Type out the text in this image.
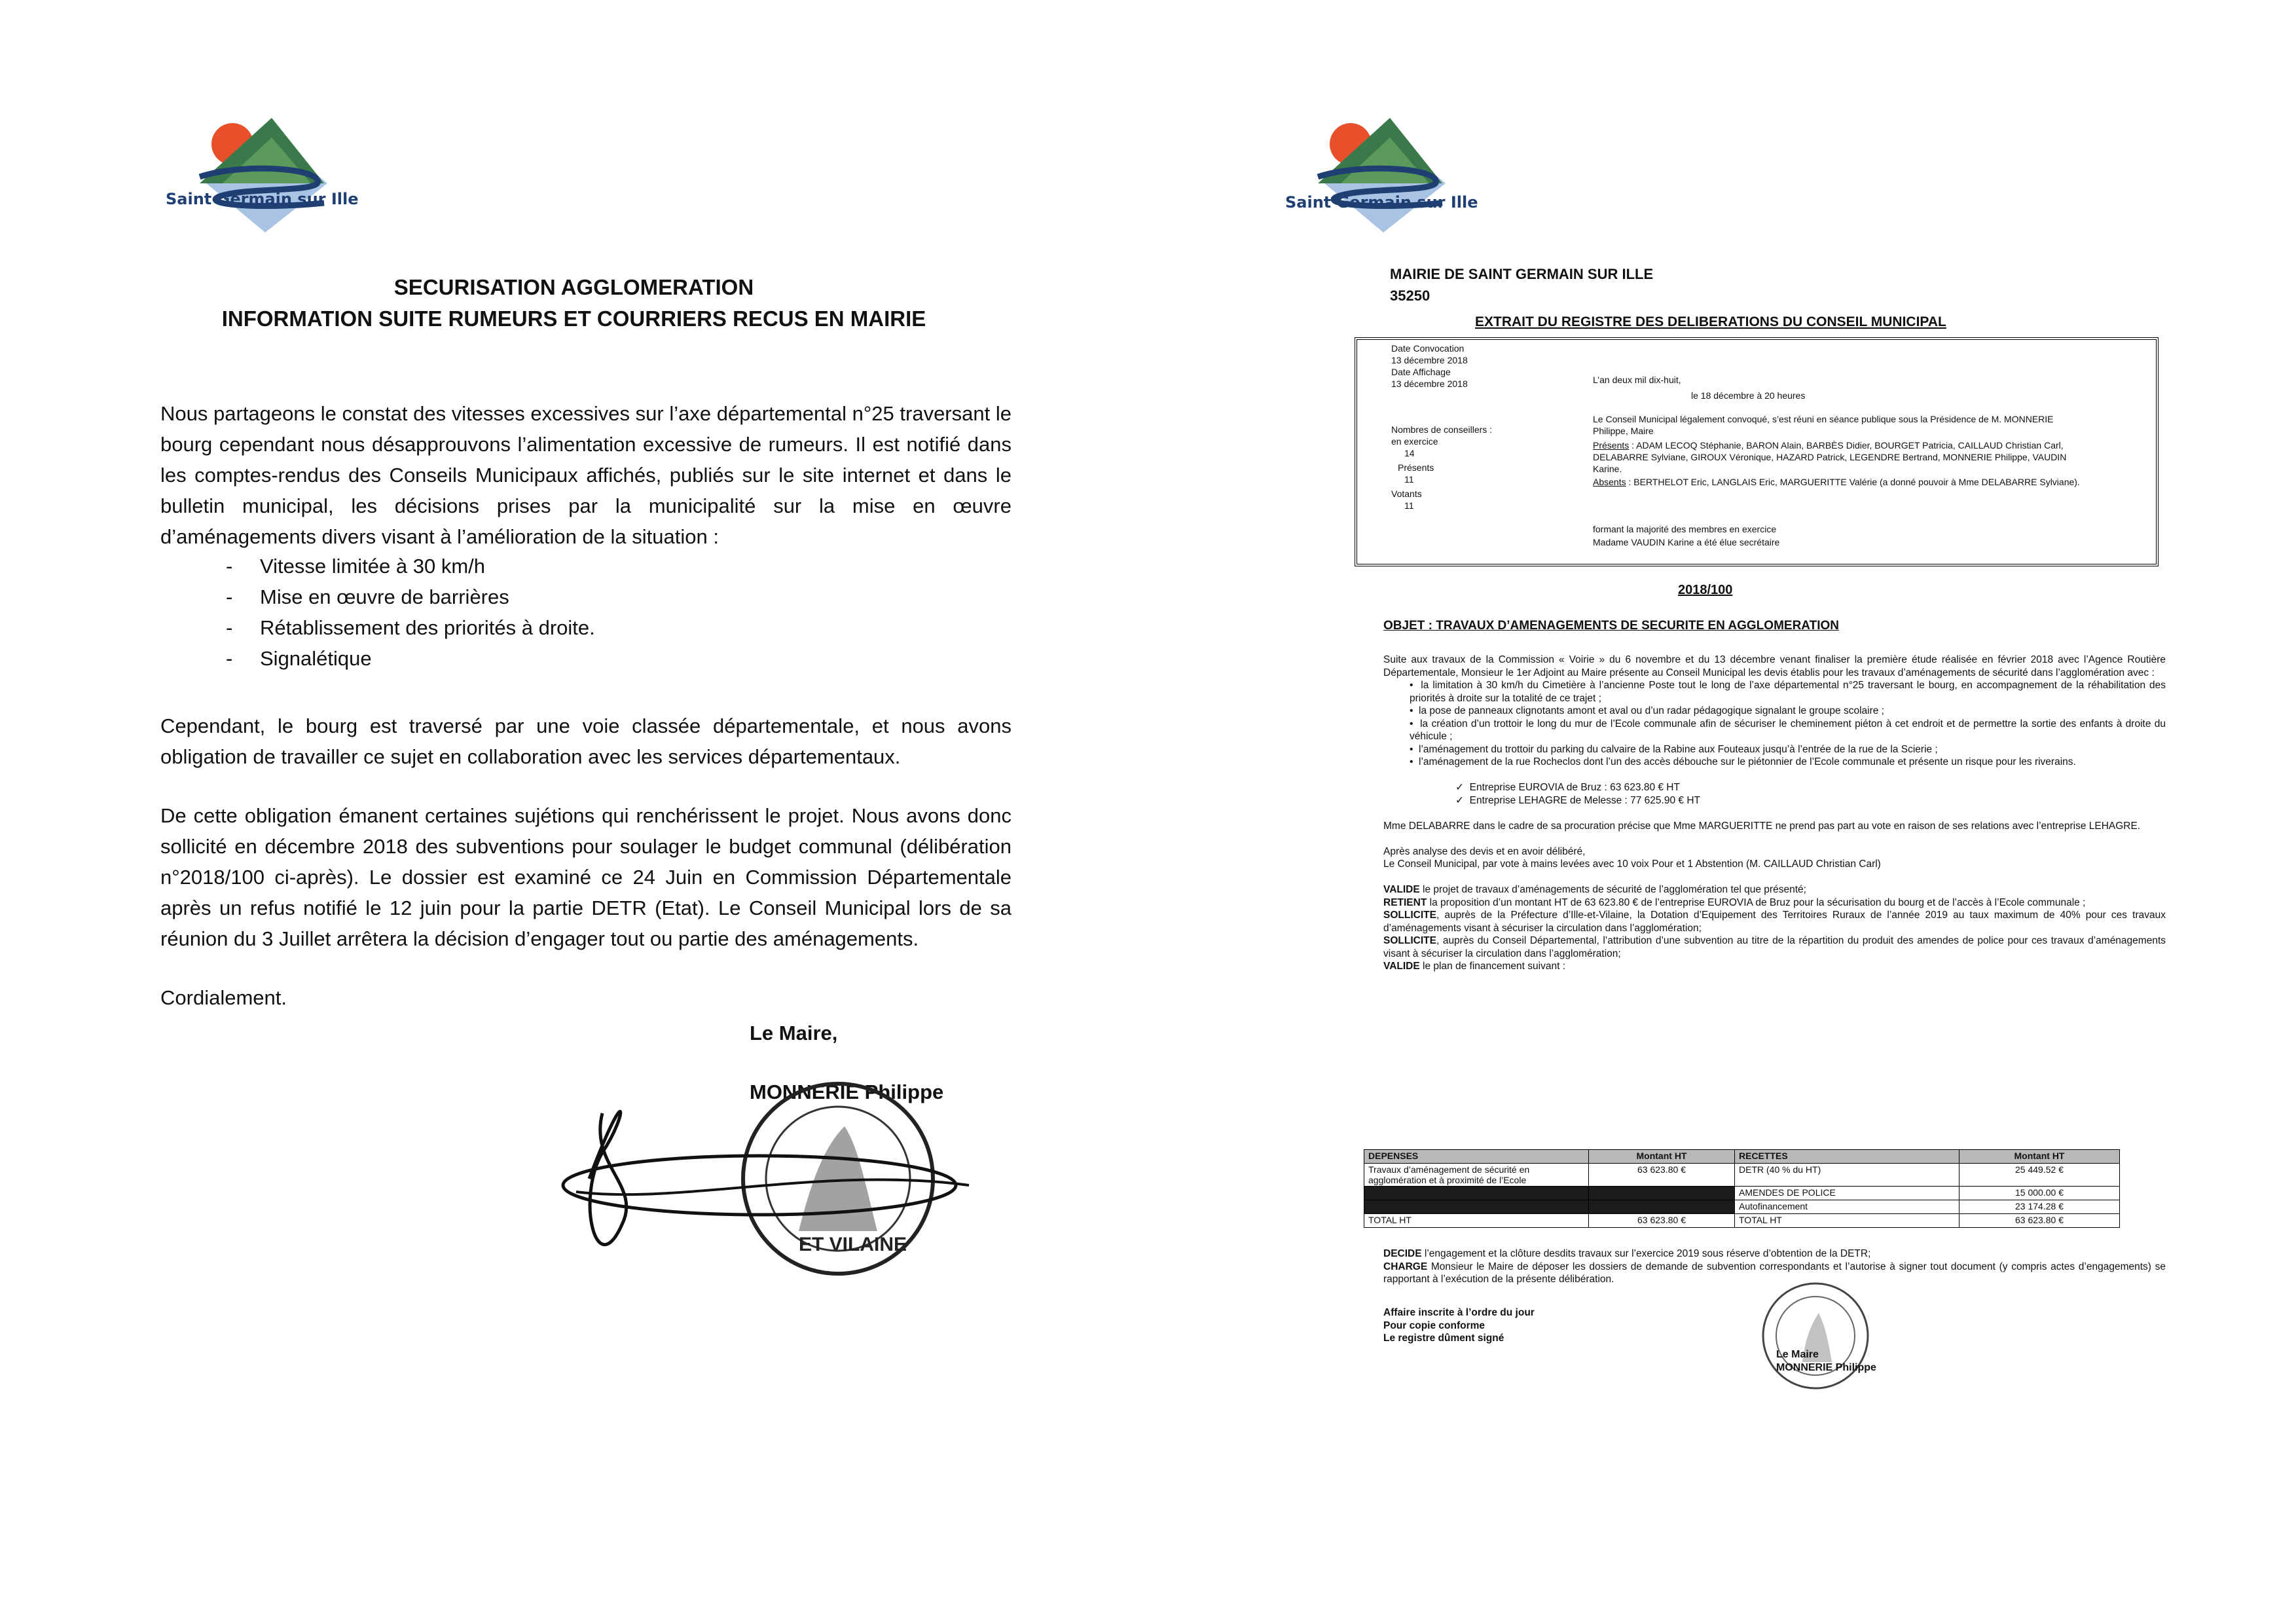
Saint Germain sur Ille
SECURISATION AGGLOMERATION
INFORMATION SUITE RUMEURS ET COURRIERS RECUS EN MAIRIE

Nous partageons le constat des vitesses excessives sur l’axe départemental n°25 traversant le bourg cependant nous désapprouvons l’alimentation excessive de rumeurs. Il est notifié dans les comptes-rendus des Conseils Municipaux affichés, publiés sur le site internet et dans le bulletin municipal, les décisions prises par la municipalité sur la mise en œuvre d’aménagements divers visant à l’amélioration de la situation :

- Vitesse limitée à 30 km/h
- Mise en œuvre de barrières
- Rétablissement des priorités à droite.
- Signalétique

Cependant, le bourg est traversé par une voie classée départementale, et nous avons obligation de travailler ce sujet en collaboration avec les services départementaux.

De cette obligation émanent certaines sujétions qui renchérissent le projet. Nous avons donc sollicité en décembre 2018 des subventions pour soulager le budget communal (délibération n°2018/100 ci-après). Le dossier est examiné ce 24 Juin en Commission Départementale après un refus notifié le 12 juin pour la partie DETR (Etat). Le Conseil Municipal lors de sa réunion du 3 Juillet arrêtera la décision d’engager tout ou partie des aménagements.

Cordialement.

Le Maire,
MONNERIE Philippe
ET VILAINE
Saint Germain sur Ille
MAIRIE DE SAINT GERMAIN SUR ILLE
35250
EXTRAIT DU REGISTRE DES DELIBERATIONS DU CONSEIL MUNICIPAL
Date Convocation
13 décembre 2018
Date Affichage
13 décembre 2018	L’an deux mil dix-huit,
le 18 décembre à 20 heures
Nombres de conseillers :
en exercice
14
Présents
11
Votants
11
Le Conseil Municipal légalement convoqué, s’est réuni en séance publique sous la Présidence de M. MONNERIE Philippe, Maire
Présents : ADAM LECOQ Stéphanie, BARON Alain, BARBÈS Didier, BOURGET Patricia, CAILLAUD Christian Carl, DELABARRE Sylviane, GIROUX Véronique, HAZARD Patrick, LEGENDRE Bertrand, MONNERIE Philippe, VAUDIN Karine.
Absents : BERTHELOT Eric, LANGLAIS Eric, MARGUERITTE Valérie (a donné pouvoir à Mme DELABARRE Sylviane).
formant la majorité des membres en exercice
Madame VAUDIN Karine a été élue secrétaire
2018/100
OBJET : TRAVAUX D’AMENAGEMENTS DE SECURITE EN AGGLOMERATION

Suite aux travaux de la Commission « Voirie » du 6 novembre et du 13 décembre venant finaliser la première étude réalisée en février 2018 avec l’Agence Routière Départementale, Monsieur le 1er Adjoint au Maire présente au Conseil Municipal les devis établis pour les travaux d’aménagements de sécurité dans l’agglomération avec :

•  la limitation à 30 km/h du Cimetière à l’ancienne Poste tout le long de l’axe départemental n°25 traversant le bourg, en accompagnement de la réhabilitation des priorités à droite sur la totalité de ce trajet ;

•  la pose de panneaux clignotants amont et aval ou d’un radar pédagogique signalant le groupe scolaire ;

•  la création d’un trottoir le long du mur de l’Ecole communale afin de sécuriser le cheminement piéton à cet endroit et de permettre la sortie des enfants à droite du véhicule ;

•  l’aménagement du trottoir du parking du calvaire de la Rabine aux Fouteaux jusqu’à l’entrée de la rue de la Scierie ;

•  l’aménagement de la rue Rocheclos dont l’un des accès débouche sur le piétonnier de l’Ecole communale et présente un risque pour les riverains.

✓  Entreprise EUROVIA de Bruz : 63 623.80 € HT

✓  Entreprise LEHAGRE de Melesse : 77 625.90 € HT

Mme DELABARRE dans le cadre de sa procuration précise que Mme MARGUERITTE ne prend pas part au vote en raison de ses relations avec l’entreprise LEHAGRE.

Après analyse des devis et en avoir délibéré,

Le Conseil Municipal, par vote à mains levées avec 10 voix Pour et 1 Abstention (M. CAILLAUD Christian Carl)

VALIDE le projet de travaux d’aménagements de sécurité de l’agglomération tel que présenté;

RETIENT la proposition d’un montant HT de 63 623.80 € de l’entreprise EUROVIA de Bruz pour la sécurisation du bourg et de l’accès à l’Ecole communale ;

SOLLICITE, auprès de la Préfecture d’Ille-et-Vilaine, la Dotation d’Equipement des Territoires Ruraux de l’année 2019 au taux maximum de 40% pour ces travaux d’aménagements visant à sécuriser la circulation dans l’agglomération;

SOLLICITE, auprès du Conseil Départemental, l’attribution d’une subvention au titre de la répartition du produit des amendes de police pour ces travaux d’aménagements visant à sécuriser la circulation dans l’agglomération;

VALIDE le plan de financement suivant :

DEPENSES	Montant HT	RECETTES	Montant HT
Travaux d’aménagement de sécurité en agglomération et à proximité de l’Ecole	63 623.80 €	DETR (40 % du HT)	25 449.52 €
		AMENDES DE POLICE	15 000.00 €
		Autofinancement	23 174.28 €
TOTAL HT	63 623.80 €	TOTAL HT	63 623.80 €

DECIDE l’engagement et la clôture desdits travaux sur l’exercice 2019 sous réserve d’obtention de la DETR;

CHARGE Monsieur le Maire de déposer les dossiers de demande de subvention correspondants et l’autorise à signer tout document (y compris actes d’engagements) se rapportant à l’exécution de la présente délibération.

Affaire inscrite à l’ordre du jour

Pour copie conforme

Le registre dûment signé

Le Maire
MONNERIE Philippe
